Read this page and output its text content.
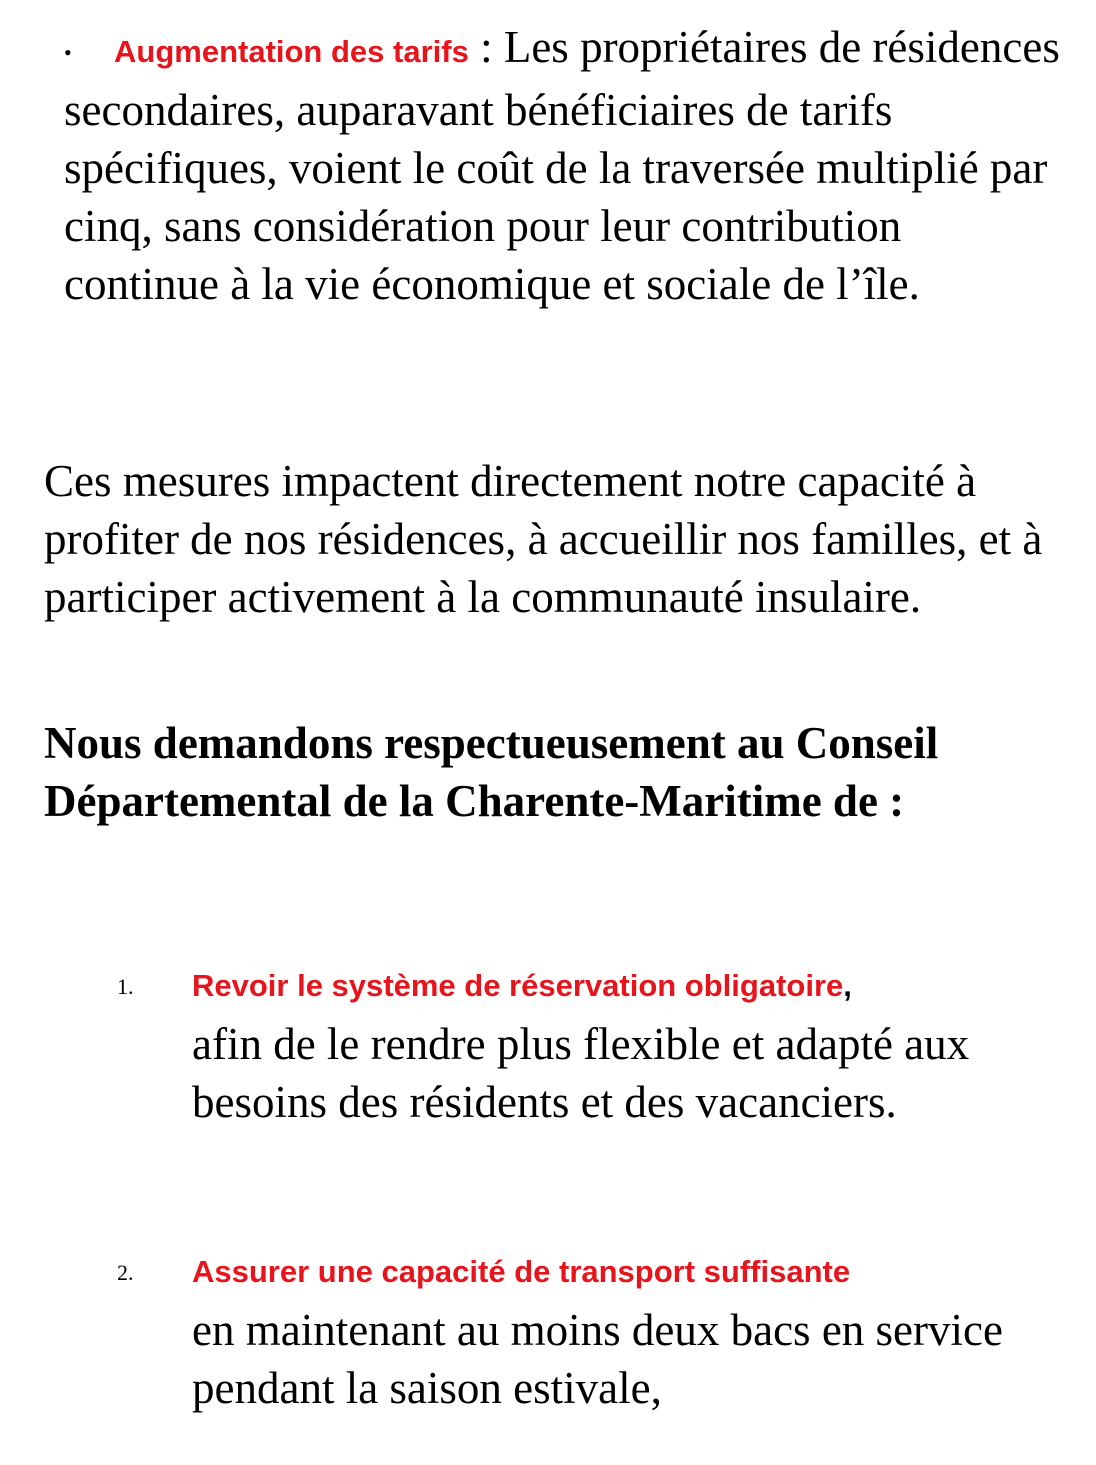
•	Augmentation des tarifs : Les propriétaires de résidences secondaires, auparavant bénéficiaires de tarifs spécifiques, voient le coût de la traversée multiplié par cinq, sans considération pour leur contribution continue à la vie économique et sociale de l’île.

Ces mesures impactent directement notre capacité à profiter de nos résidences, à accueillir nos familles, et à participer activement à la communauté insulaire.

Nous demandons respectueusement au Conseil Départemental de la Charente-Maritime de :

1. Revoir le système de réservation obligatoire,
afin de le rendre plus flexible et adapté aux besoins des résidents et des vacanciers.

2. Assurer une capacité de transport suffisante
en maintenant au moins deux bacs en service pendant la saison estivale,
